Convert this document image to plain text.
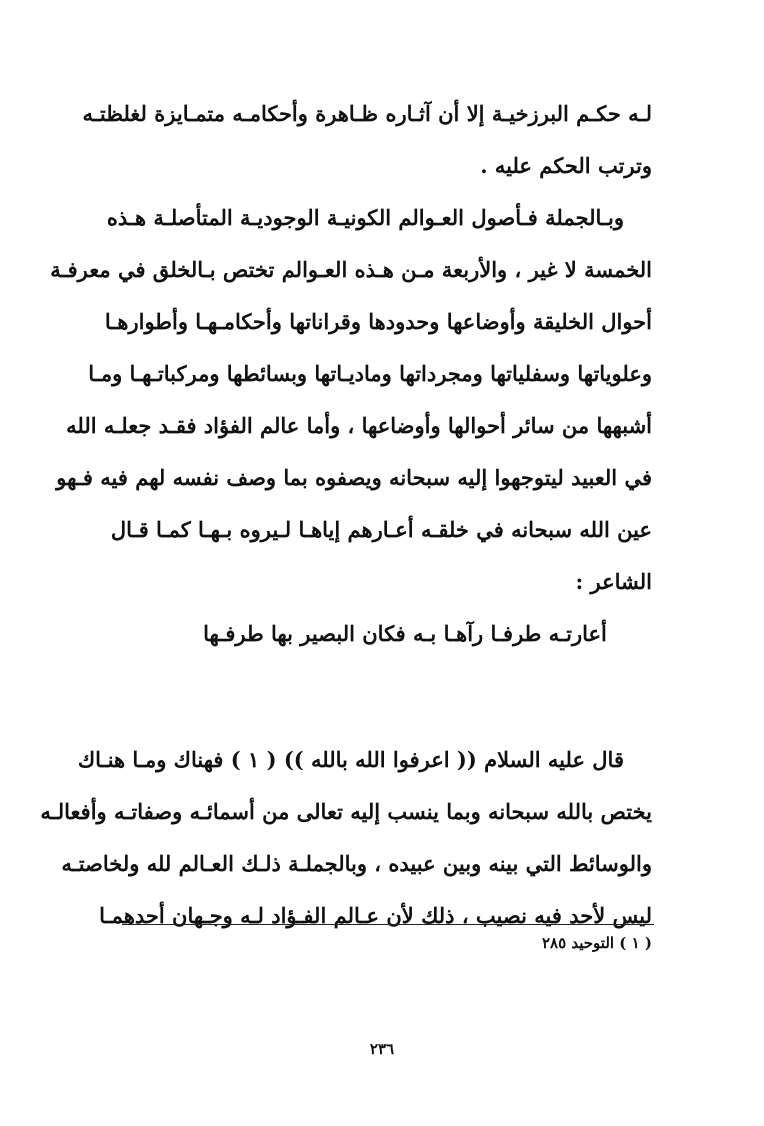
لـه حكـم البرزخيـة إلا أن آثـاره ظـاهرة وأحكامـه متمـايزة لغلظتـه
وترتب الحكم عليه .
وبـالجملة فـأصول العـوالم الكونيـة الوجوديـة المتأصلـة هـذه
الخمسة لا غير ، والأربعة مـن هـذه العـوالم تختص بـالخلق في معرفـة
أحوال الخليقة وأوضاعها وحدودها وقراناتها وأحكامـهـا وأطوارهـا
وعلوياتها وسفلياتها ومجرداتها وماديـاتها وبسائطها ومركباتـهـا ومـا
أشبهها من سائر أحوالها وأوضاعها ، وأما عالم الفؤاد فقـد جعلـه الله
في العبيد ليتوجهوا إليه سبحانه ويصفوه بما وصف نفسه لهم فيه فـهو
عين الله سبحانه في خلقـه أعـارهم إياهـا لـيروه بـهـا كمـا قـال
الشاعر :
أعارتـه طرفـا رآهـا بـه فكان البصير بها طرفـها
قال عليه السلام (( اعرفوا الله بالله )) ( ١ ) فهناك ومـا هنـاك
يختص بالله سبحانه وبما ينسب إليه تعالى من أسمائـه وصفاتـه وأفعالـه
والوسائط التي بينه وبين عبيده ، وبالجملـة ذلـك العـالم لله ولخاصتـه
ليس لأحد فيه نصيب ، ذلك لأن عـالم الفـؤاد لـه وجـهان أحدهمـا
( ١ ) التوحيد ٢٨٥
٢٣٦
